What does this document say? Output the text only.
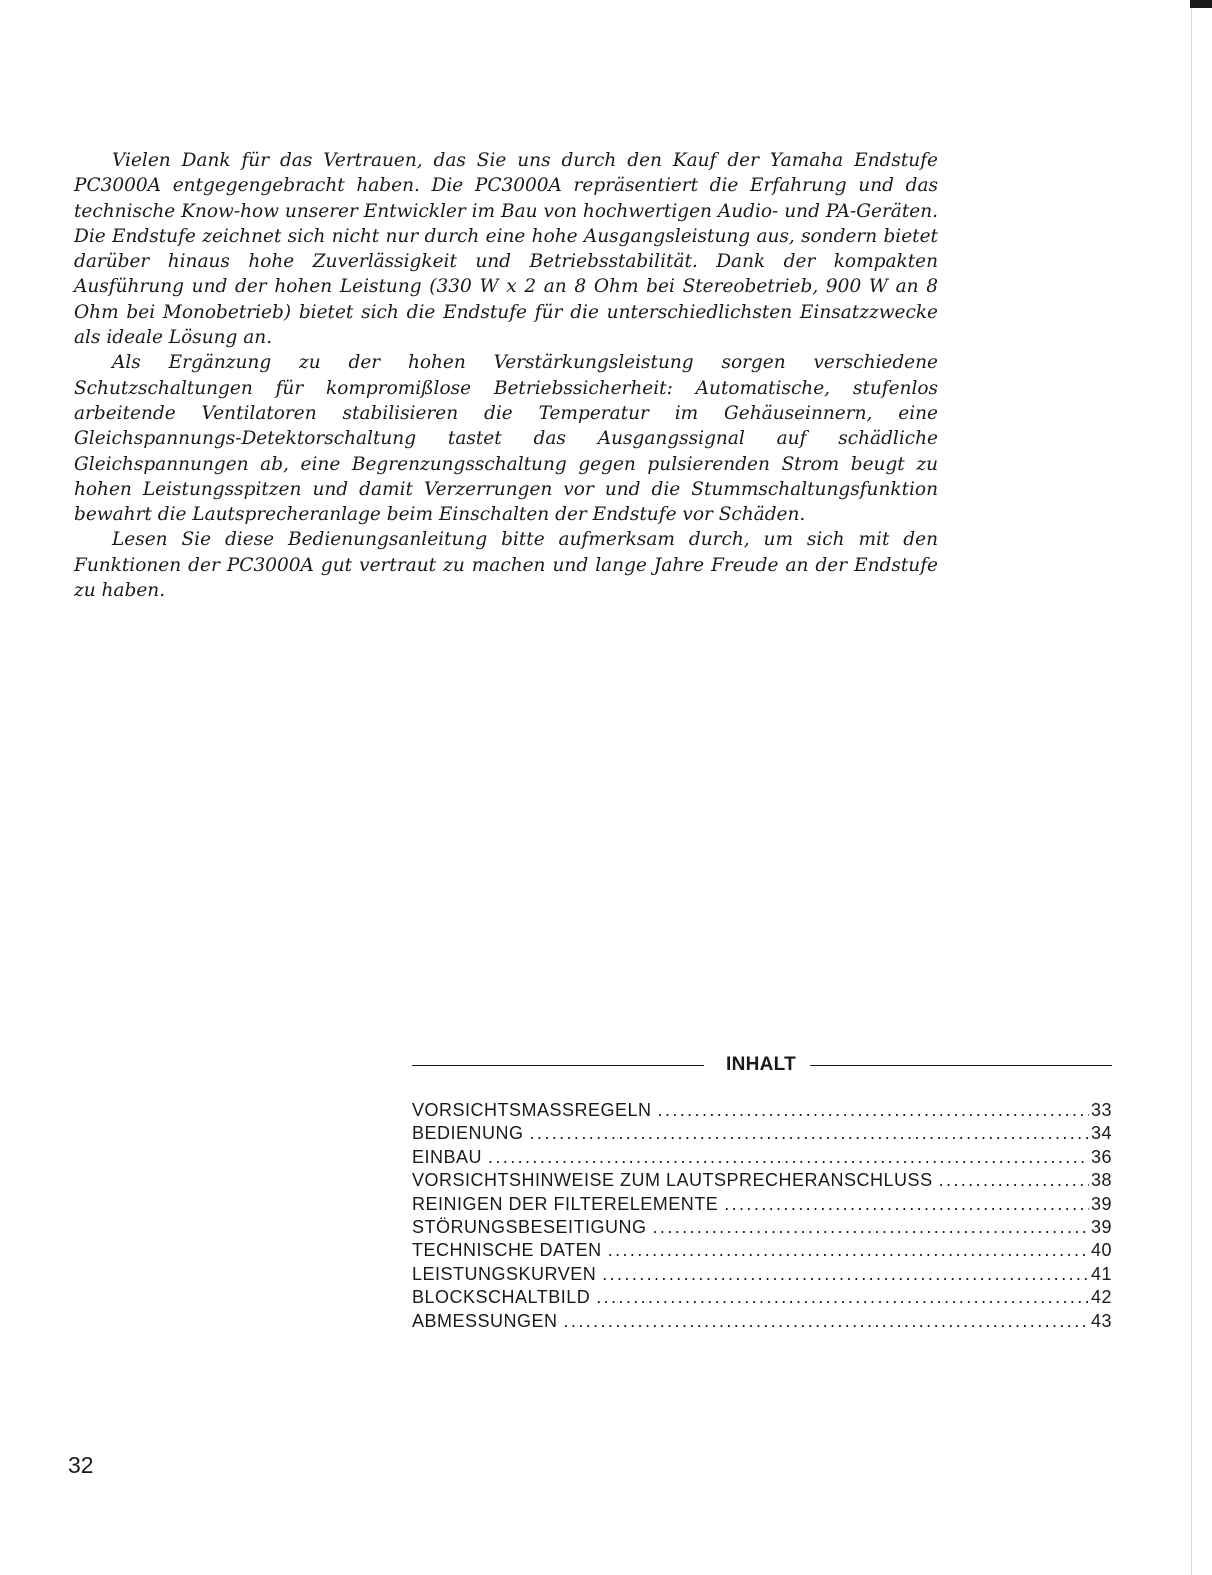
Vielen Dank für das Vertrauen, das Sie uns durch den Kauf der Yamaha Endstufe PC3000A entgegengebracht haben. Die PC3000A repräsentiert die Erfahrung und das technische Know-how unserer Entwickler im Bau von hochwertigen Audio- und PA-Geräten. Die Endstufe zeichnet sich nicht nur durch eine hohe Ausgangsleistung aus, sondern bietet darüber hinaus hohe Zuverlässigkeit und Betriebsstabilität. Dank der kompakten Ausführung und der hohen Leistung (330 W x 2 an 8 Ohm bei Stereobetrieb, 900 W an 8 Ohm bei Monobetrieb) bietet sich die Endstufe für die unterschiedlichsten Einsatzzwecke als ideale Lösung an.

Als Ergänzung zu der hohen Verstärkungsleistung sorgen verschiedene Schutzschaltungen für kompromißlose Betriebssicherheit: Automatische, stufenlos arbeitende Ventilatoren stabilisieren die Temperatur im Gehäuseinnern, eine Gleichspannungs-Detektorschaltung tastet das Ausgangssignal auf schädliche Gleichspannungen ab, eine Begrenzungsschaltung gegen pulsierenden Strom beugt zu hohen Leistungsspitzen und damit Verzerrungen vor und die Stummschaltungsfunktion bewahrt die Lautsprecheranlage beim Einschalten der Endstufe vor Schäden.

Lesen Sie diese Bedienungsanleitung bitte aufmerksam durch, um sich mit den Funktionen der PC3000A gut vertraut zu machen und lange Jahre Freude an der Endstufe zu haben.

INHALT
VORSICHTSMASSREGELN .....	33
BEDIENUNG .....	34
EINBAU .....	36
VORSICHTSHINWEISE ZUM LAUTSPRECHERANSCHLUSS .....	38
REINIGEN DER FILTERELEMENTE .....	39
STÖRUNGSBESEITIGUNG .....	39
TECHNISCHE DATEN .....	40
LEISTUNGSKURVEN .....	41
BLOCKSCHALTBILD .....	42
ABMESSUNGEN .....	43
32
